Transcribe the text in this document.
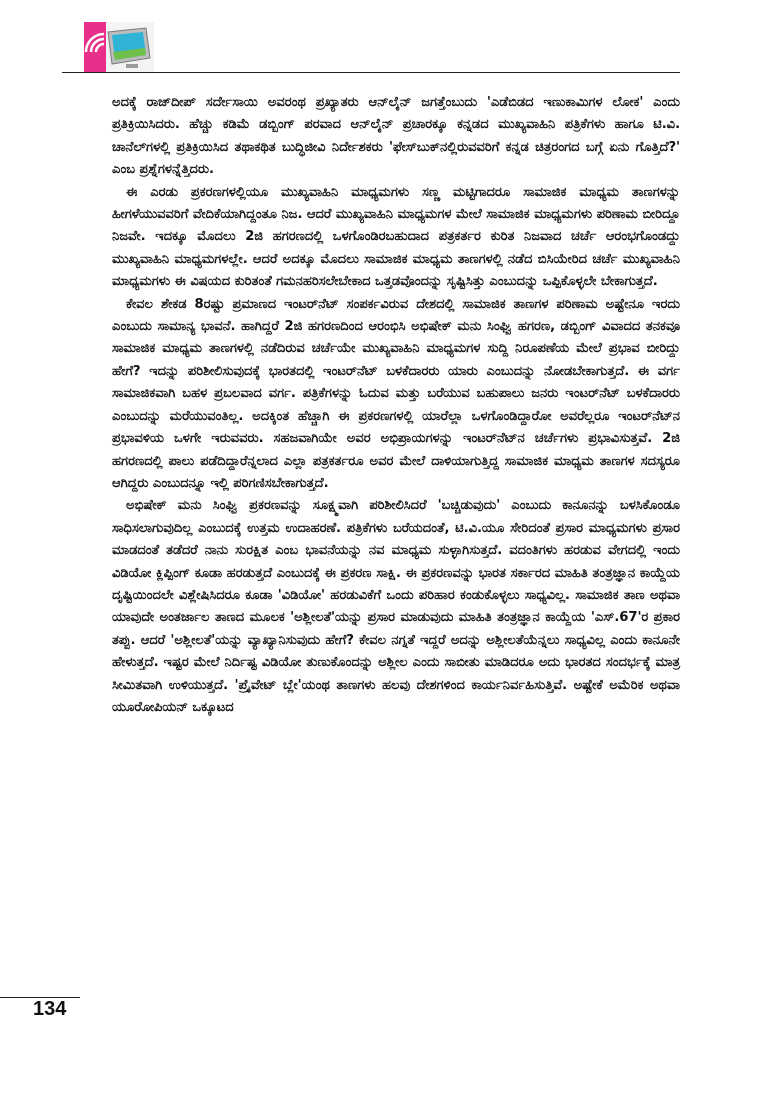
ಅದಕ್ಕೆ ರಾಜ್‌ದೀಪ್ ಸರ್ದೇಸಾಯಿ ಅವರಂಥ ಪ್ರಖ್ಯಾತರು ಆನ್‌ಲೈನ್ ಜಗತ್ತೆಂಬುದು 'ಎಡೆಬಿಡದ ಇಣುಕಾಮಿಗಳ ಲೋಕ' ಎಂದು ಪ್ರತಿಕ್ರಿಯಿಸಿದರು. ಹೆಚ್ಚು ಕಡಿಮೆ ಡಬ್ಬಿಂಗ್ ಪರವಾದ ಆನ್‌ಲೈನ್ ಪ್ರಚಾರಕ್ಕೂ ಕನ್ನಡದ ಮುಖ್ಯವಾಹಿನಿ ಪತ್ರಿಕೆಗಳು ಹಾಗೂ ಟಿ.ವಿ. ಚಾನೆಲ್‌ಗಳಲ್ಲಿ ಪ್ರತಿಕ್ರಿಯಿಸಿದ ತಥಾಕಥಿತ ಬುದ್ಧಿಜೀವಿ ನಿರ್ದೇಶಕರು 'ಫೇಸ್‌ಬುಕ್‌ನಲ್ಲಿರುವವರಿಗೆ ಕನ್ನಡ ಚಿತ್ರರಂಗದ ಬಗ್ಗೆ ಏನು ಗೊತ್ತಿದೆ?' ಎಂಬ ಪ್ರಶ್ನೆಗಳನ್ನೆತ್ತಿದರು.

ಈ ಎರಡು ಪ್ರಕರಣಗಳಲ್ಲಿಯೂ ಮುಖ್ಯವಾಹಿನಿ ಮಾಧ್ಯಮಗಳು ಸಣ್ಣ ಮಟ್ಟಿಗಾದರೂ ಸಾಮಾಜಿಕ ಮಾಧ್ಯಮ ತಾಣಗಳನ್ನು ಹೀಗಳೆಯುವವರಿಗೆ ವೇದಿಕೆಯಾಗಿದ್ದಂತೂ ನಿಜ. ಆದರೆ ಮುಖ್ಯವಾಹಿನಿ ಮಾಧ್ಯಮಗಳ ಮೇಲೆ ಸಾಮಾಜಿಕ ಮಾಧ್ಯಮಗಳು ಪರಿಣಾಮ ಬೀರಿದ್ದೂ ನಿಜವೇ. ಇದಕ್ಕೂ ಮೊದಲು 2ಜಿ ಹಗರಣದಲ್ಲಿ ಒಳಗೊಂಡಿರಬಹುದಾದ ಪತ್ರಕರ್ತರ ಕುರಿತ ನಿಜವಾದ ಚರ್ಚೆ ಆರಂಭಗೊಂಡದ್ದು ಮುಖ್ಯವಾಹಿನಿ ಮಾಧ್ಯಮಗಳಲ್ಲೇ. ಆದರೆ ಅದಕ್ಕೂ ಮೊದಲು ಸಾಮಾಜಿಕ ಮಾಧ್ಯಮ ತಾಣಗಳಲ್ಲಿ ನಡೆದ ಬಿಸಿಯೇರಿದ ಚರ್ಚೆ ಮುಖ್ಯವಾಹಿನಿ ಮಾಧ್ಯಮಗಳು ಈ ವಿಷಯದ ಕುರಿತಂತೆ ಗಮನಹರಿಸಲೇಬೇಕಾದ ಒತ್ತಡವೊಂದನ್ನು ಸೃಷ್ಟಿಸಿತ್ತು ಎಂಬುದನ್ನು ಒಪ್ಪಿಕೊಳ್ಳಲೇ ಬೇಕಾಗುತ್ತದೆ.

ಕೇವಲ ಶೇಕಡ 8ರಷ್ಟು ಪ್ರಮಾಣದ ಇಂಟರ್‌ನೆಟ್ ಸಂಪರ್ಕವಿರುವ ದೇಶದಲ್ಲಿ ಸಾಮಾಜಿಕ ತಾಣಗಳ ಪರಿಣಾಮ ಅಷ್ಟೇನೂ ಇರದು ಎಂಬುದು ಸಾಮಾನ್ಯ ಭಾವನೆ. ಹಾಗಿದ್ದರೆ 2ಜಿ ಹಗರಣದಿಂದ ಆರಂಭಿಸಿ ಅಭಿಷೇಕ್ ಮನು ಸಿಂಘ್ವಿ ಹಗರಣ, ಡಬ್ಬಿಂಗ್ ವಿವಾದದ ತನಕವೂ ಸಾಮಾಜಿಕ ಮಾಧ್ಯಮ ತಾಣಗಳಲ್ಲಿ ನಡೆದಿರುವ ಚರ್ಚೆಯೇ ಮುಖ್ಯವಾಹಿನಿ ಮಾಧ್ಯಮಗಳ ಸುದ್ದಿ ನಿರೂಪಣೆಯ ಮೇಲೆ ಪ್ರಭಾವ ಬೀರಿದ್ದು ಹೇಗೆ? ಇದನ್ನು ಪರಿಶೀಲಿಸುವುದಕ್ಕೆ ಭಾರತದಲ್ಲಿ ಇಂಟರ್‌ನೆಟ್ ಬಳಕೆದಾರರು ಯಾರು ಎಂಬುದನ್ನು ನೋಡಬೇಕಾಗುತ್ತದೆ. ಈ ವರ್ಗ ಸಾಮಾಜಿಕವಾಗಿ ಬಹಳ ಪ್ರಬಲವಾದ ವರ್ಗ. ಪತ್ರಿಕೆಗಳನ್ನು ಓದುವ ಮತ್ತು ಬರೆಯುವ ಬಹುಪಾಲು ಜನರು ಇಂಟರ್‌ನೆಟ್ ಬಳಕೆದಾರರು ಎಂಬುದನ್ನು ಮರೆಯುವಂತಿಲ್ಲ. ಅದಕ್ಕಿಂತ ಹೆಚ್ಚಾಗಿ ಈ ಪ್ರಕರಣಗಳಲ್ಲಿ ಯಾರೆಲ್ಲಾ ಒಳಗೊಂಡಿದ್ದಾರೋ ಅವರೆಲ್ಲರೂ ಇಂಟರ್‌ನೆಟ್‌ನ ಪ್ರಭಾವಳಿಯ ಒಳಗೇ ಇರುವವರು. ಸಹಜವಾಗಿಯೇ ಅವರ ಅಭಿಪ್ರಾಯಗಳನ್ನು ಇಂಟರ್‌ನೆಟ್‌ನ ಚರ್ಚೆಗಳು ಪ್ರಭಾವಿಸುತ್ತವೆ. 2ಜಿ ಹಗರಣದಲ್ಲಿ ಪಾಲು ಪಡೆದಿದ್ದಾರೆನ್ನಲಾದ ಎಲ್ಲಾ ಪತ್ರಕರ್ತರೂ ಅವರ ಮೇಲೆ ದಾಳಿಯಾಗುತ್ತಿದ್ದ ಸಾಮಾಜಿಕ ಮಾಧ್ಯಮ ತಾಣಗಳ ಸದಸ್ಯರೂ ಆಗಿದ್ದರು ಎಂಬುದನ್ನೂ ಇಲ್ಲಿ ಪರಿಗಣಿಸಬೇಕಾಗುತ್ತದೆ.

ಅಭಿಷೇಕ್ ಮನು ಸಿಂಘ್ವಿ ಪ್ರಕರಣವನ್ನು ಸೂಕ್ಷ್ಮವಾಗಿ ಪರಿಶೀಲಿಸಿದರೆ 'ಬಚ್ಚಿಡುವುದು' ಎಂಬುದು ಕಾನೂನನ್ನು ಬಳಸಿಕೊಂಡೂ ಸಾಧಿಸಲಾಗುವುದಿಲ್ಲ ಎಂಬುದಕ್ಕೆ ಉತ್ತಮ ಉದಾಹರಣೆ. ಪತ್ರಿಕೆಗಳು ಬರೆಯದಂತೆ, ಟಿ.ವಿ.ಯೂ ಸೇರಿದಂತೆ ಪ್ರಸಾರ ಮಾಧ್ಯಮಗಳು ಪ್ರಸಾರ ಮಾಡದಂತೆ ತಡೆದರೆ ನಾನು ಸುರಕ್ಷಿತ ಎಂಬ ಭಾವನೆಯನ್ನು ನವ ಮಾಧ್ಯಮ ಸುಳ್ಳಾಗಿಸುತ್ತದೆ. ವದಂತಿಗಳು ಹರಡುವ ವೇಗದಲ್ಲಿ ಇಂದು ವಿಡಿಯೋ ಕ್ಲಿಪ್ಪಿಂಗ್ ಕೂಡಾ ಹರಡುತ್ತದೆ ಎಂಬುದಕ್ಕೆ ಈ ಪ್ರಕರಣ ಸಾಕ್ಷಿ. ಈ ಪ್ರಕರಣವನ್ನು ಭಾರತ ಸರ್ಕಾರದ ಮಾಹಿತಿ ತಂತ್ರಜ್ಞಾನ ಕಾಯ್ದೆಯ ದೃಷ್ಟಿಯಿಂದಲೇ ವಿಶ್ಲೇಷಿಸಿದರೂ ಕೂಡಾ 'ವಿಡಿಯೋ' ಹರಡುವಿಕೆಗೆ ಒಂದು ಪರಿಹಾರ ಕಂಡುಕೊಳ್ಳಲು ಸಾಧ್ಯವಿಲ್ಲ. ಸಾಮಾಜಿಕ ತಾಣ ಅಥವಾ ಯಾವುದೇ ಅಂತರ್ಜಾಲ ತಾಣದ ಮೂಲಕ 'ಅಶ್ಲೀಲತೆ'ಯನ್ನು ಪ್ರಸಾರ ಮಾಡುವುದು ಮಾಹಿತಿ ತಂತ್ರಜ್ಞಾನ ಕಾಯ್ದೆಯ 'ಎಸ್.67'ರ ಪ್ರಕಾರ ತಪ್ಪು. ಆದರೆ 'ಅಶ್ಲೀಲತೆ'ಯನ್ನು ವ್ಯಾಖ್ಯಾನಿಸುವುದು ಹೇಗೆ? ಕೇವಲ ನಗ್ನತೆ ಇದ್ದರೆ ಅದನ್ನು ಅಶ್ಲೀಲತೆಯೆನ್ನಲು ಸಾಧ್ಯವಿಲ್ಲ ಎಂದು ಕಾನೂನೇ ಹೇಳುತ್ತದೆ. ಇಷ್ಟರ ಮೇಲೆ ನಿರ್ದಿಷ್ಟ ವಿಡಿಯೋ ತುಣುಕೊಂದನ್ನು ಅಶ್ಲೀಲ ಎಂದು ಸಾಬೀತು ಮಾಡಿದರೂ ಅದು ಭಾರತದ ಸಂದರ್ಭಕ್ಕೆ ಮಾತ್ರ ಸೀಮಿತವಾಗಿ ಉಳಿಯುತ್ತದೆ. 'ಪ್ರೈವೇಟ್ ಬ್ಲೇ'ಯಂಥ ತಾಣಗಳು ಹಲವು ದೇಶಗಳಿಂದ ಕಾರ್ಯನಿರ್ವಹಿಸುತ್ತಿವೆ. ಅಷ್ಟೇಕೆ ಅಮೆರಿಕ ಅಥವಾ ಯೂರೋಪಿಯನ್ ಒಕ್ಕೂಟದ

134
